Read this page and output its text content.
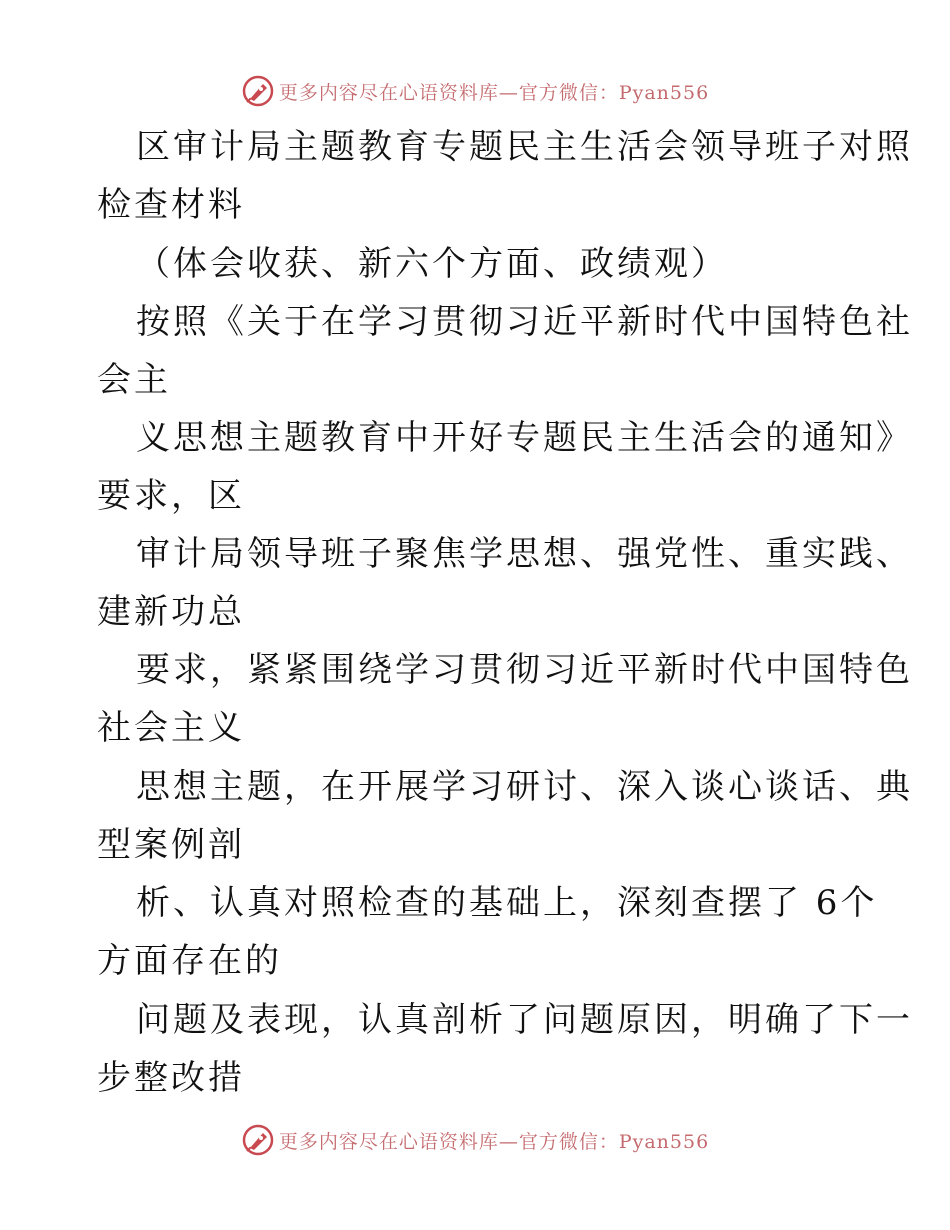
更多内容尽在心语资料库—官方微信：Pyan556
区审计局主题教育专题民主生活会领导班子对照
检查材料
（体会收获、新六个方面、政绩观）
按照《关于在学习贯彻习近平新时代中国特色社
会主
义思想主题教育中开好专题民主生活会的通知》
要求，区
审计局领导班子聚焦学思想、强党性、重实践、
建新功总
要求，紧紧围绕学习贯彻习近平新时代中国特色
社会主义
思想主题，在开展学习研讨、深入谈心谈话、典
型案例剖
析、认真对照检查的基础上，深刻查摆了 6个
方面存在的
问题及表现，认真剖析了问题原因，明确了下一
步整改措
更多内容尽在心语资料库—官方微信：Pyan556
